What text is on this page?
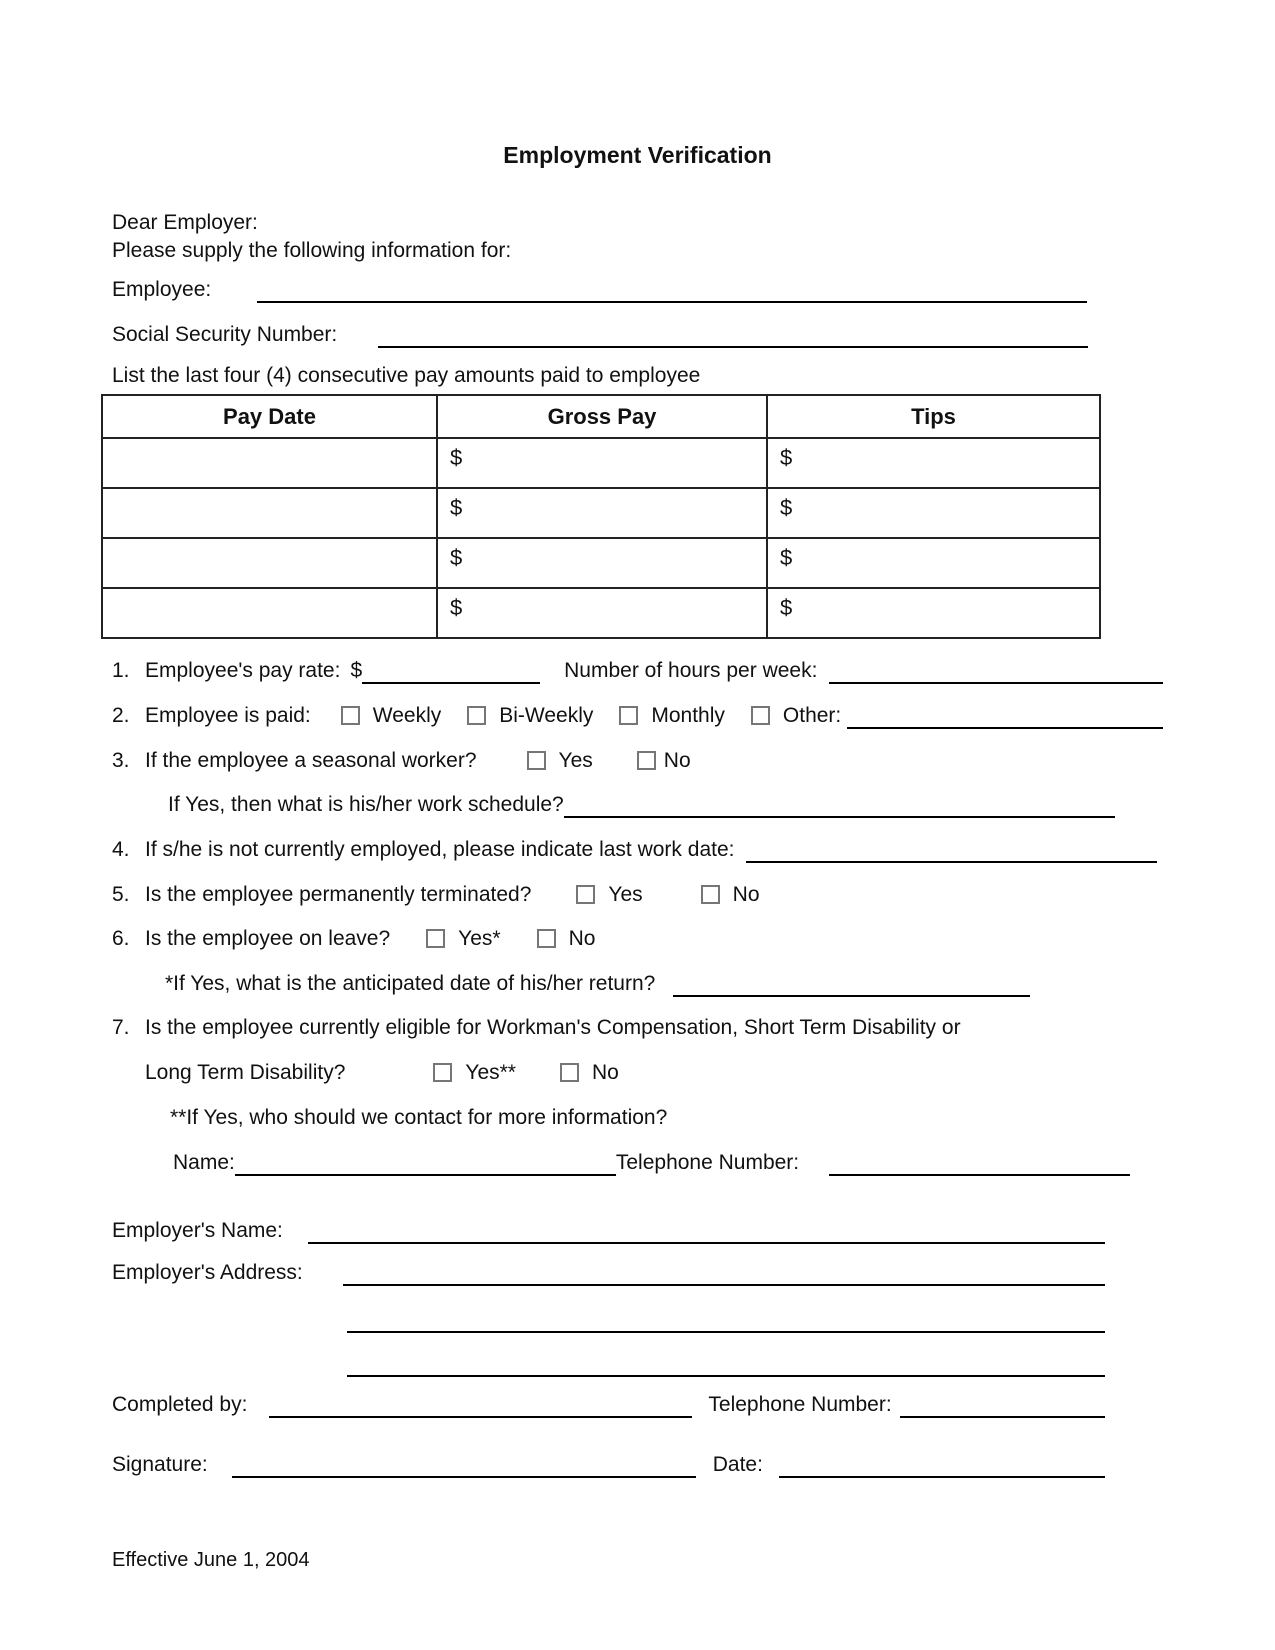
Employment Verification
Dear Employer:
Please supply the following information for:
Employee:
Social Security Number:
List the last four (4) consecutive pay amounts paid to employee
Pay Date	Gross Pay	Tips
	$	$
	$	$
	$	$
	$	$
1. Employee's pay rate: $	Number of hours per week:
2. Employee is paid:	Weekly	Bi-Weekly	Monthly	Other:
3. If the employee a seasonal worker?	Yes	No
If Yes, then what is his/her work schedule?
4. If s/he is not currently employed, please indicate last work date:
5. Is the employee permanently terminated?	Yes	No
6. Is the employee on leave?	Yes*	No
*If Yes, what is the anticipated date of his/her return?
7. Is the employee currently eligible for Workman's Compensation, Short Term Disability or
Long Term Disability?	Yes**	No
**If Yes, who should we contact for more information?
Name:	Telephone Number:
Employer's Name:
Employer's Address:
Completed by:	Telephone Number:
Signature:	Date:
Effective June 1, 2004
